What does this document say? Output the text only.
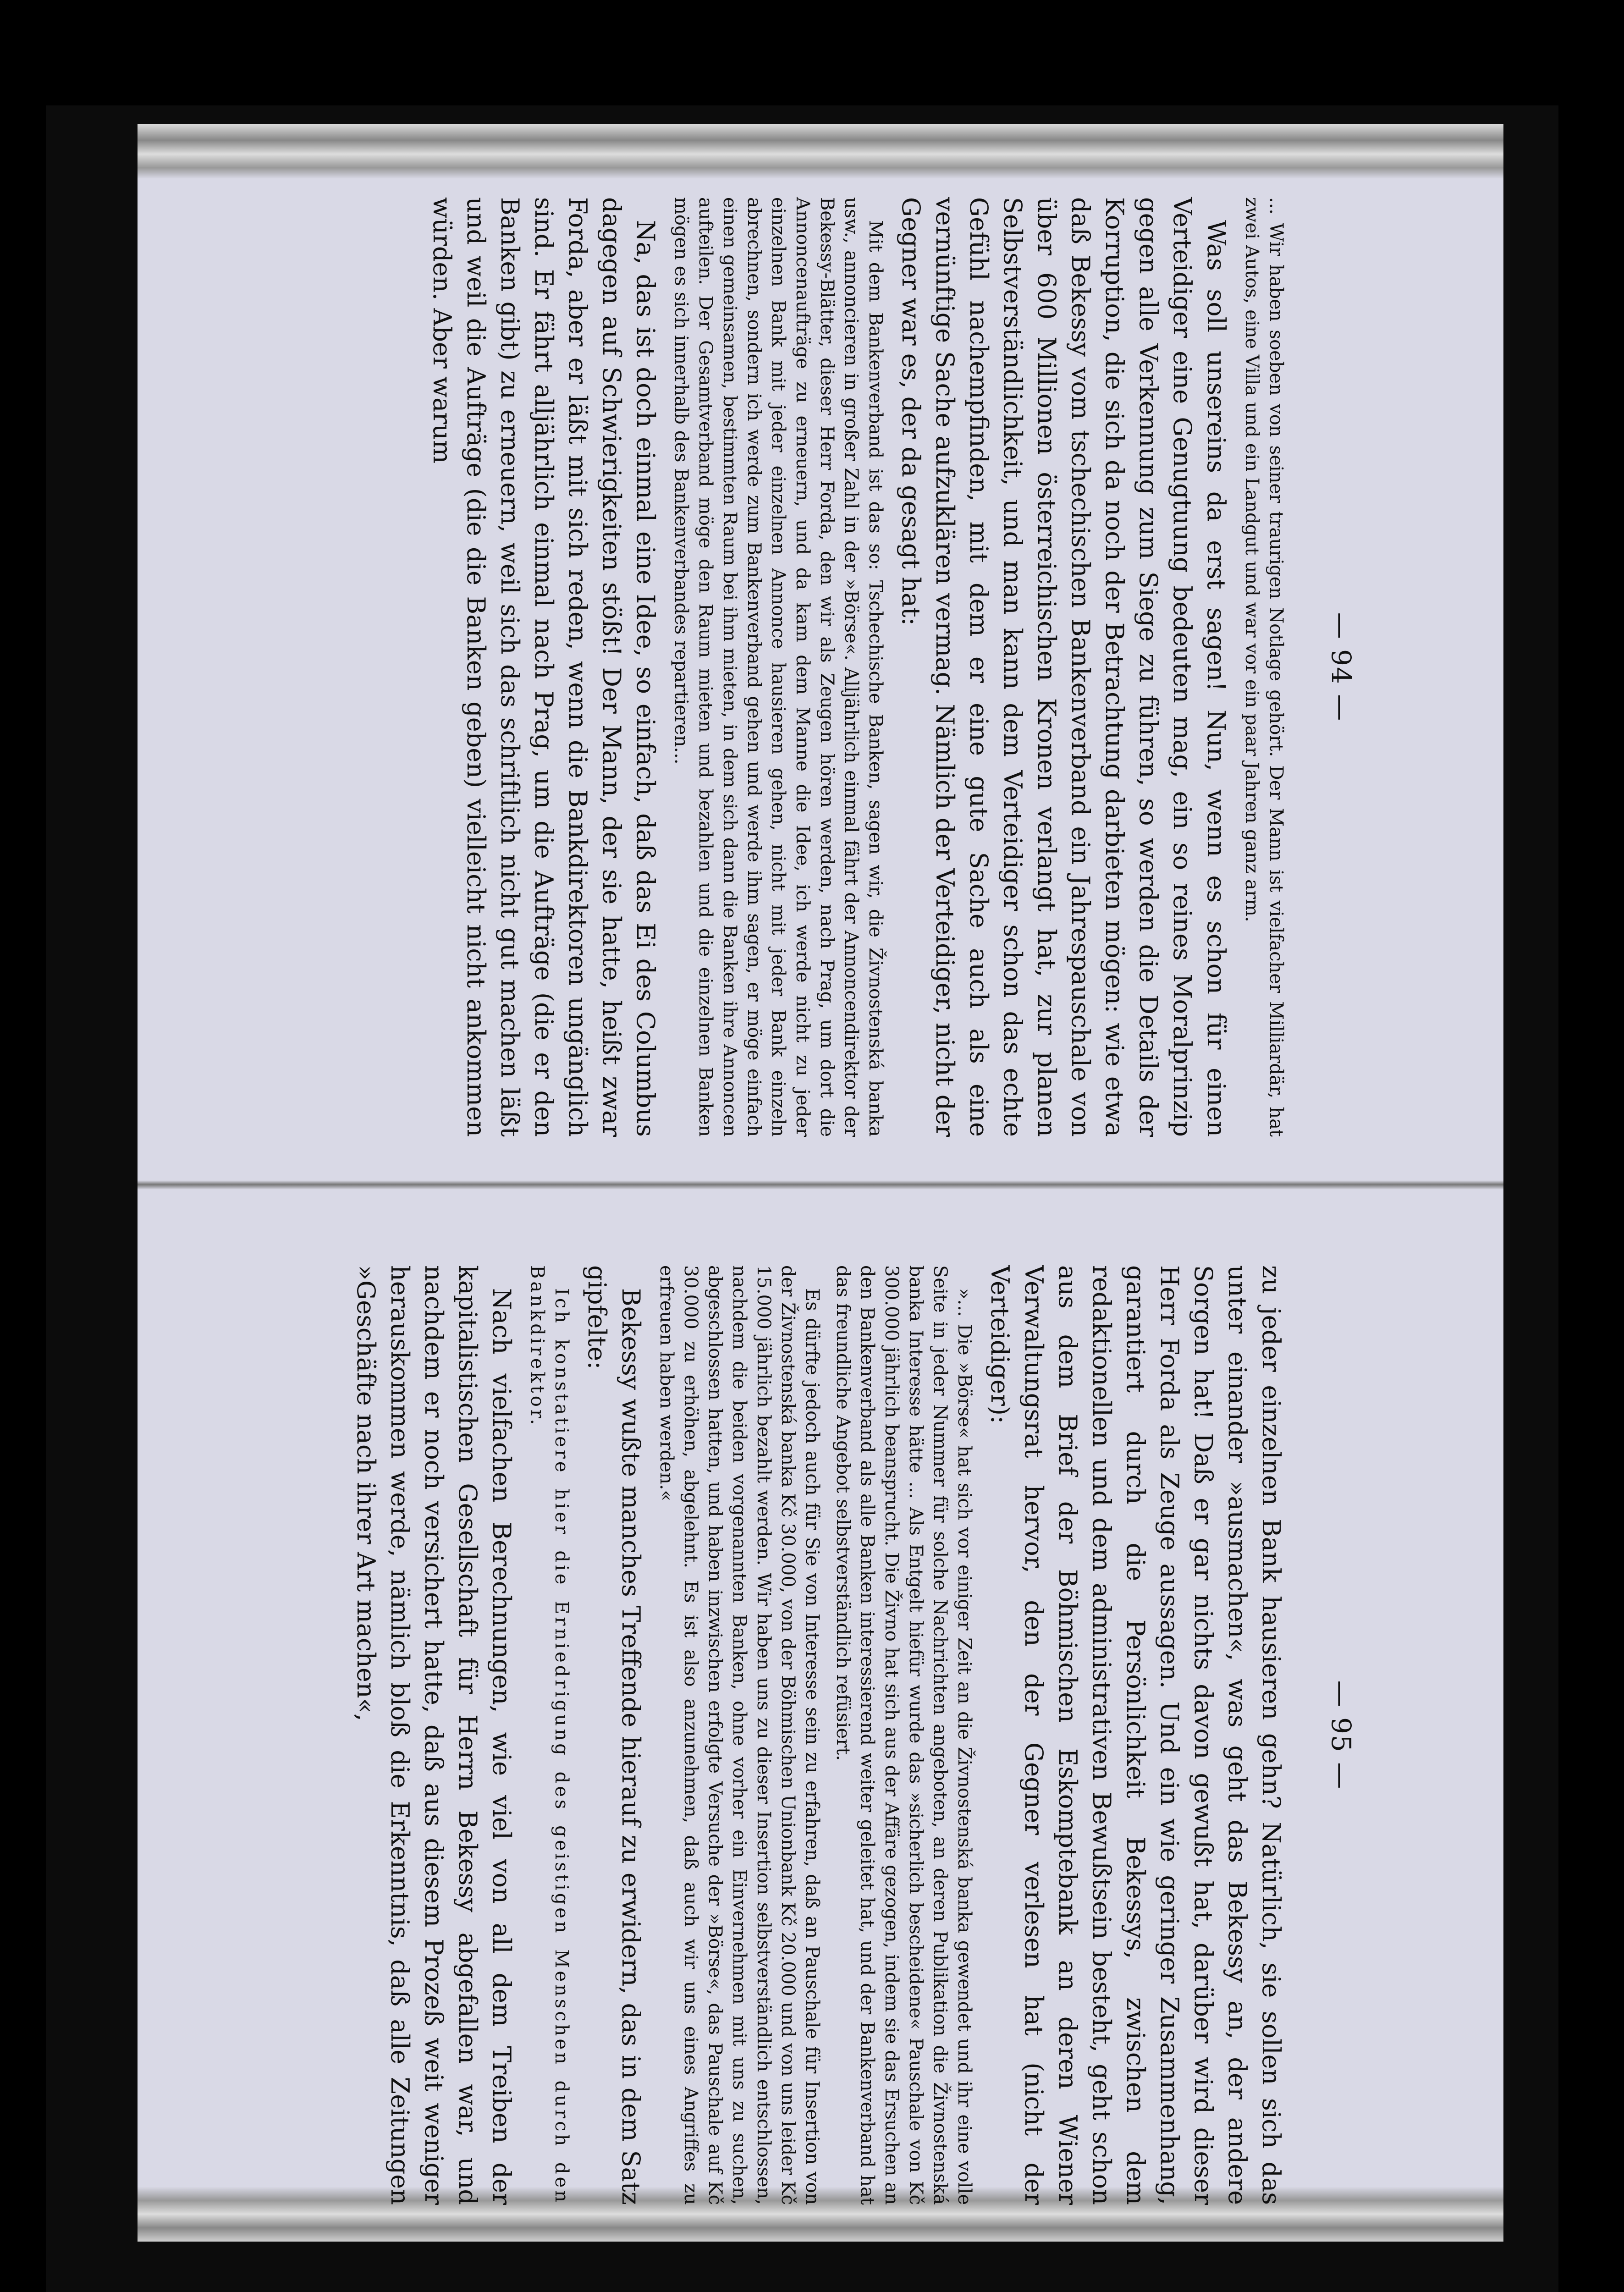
— 94 —

... Wir haben soeben von seiner traurigen Notlage gehört. Der Mann ist vielfacher Milliardär, hat zwei Autos, eine Villa und ein Landgut und war vor ein paar Jahren ganz arm.

Was soll unsereins da erst sagen! Nun, wenn es schon für einen Verteidiger eine Genugtuung bedeuten mag, ein so reines Moralprinzip gegen alle Verkennung zum Siege zu führen, so werden die Details der Korruption, die sich da noch der Betrachtung darbieten mögen: wie etwa daß Bekessy vom tschechischen Bankenverband ein Jahrespauschale von über 600 Millionen österreichischen Kronen verlangt hat, zur planen Selbstverständlichkeit, und man kann dem Verteidiger schon das echte Gefühl nachempfinden, mit dem er eine gute Sache auch als eine vernünftige Sache aufzuklären vermag. Nämlich der Verteidiger, nicht der Gegner war es, der da gesagt hat:

Mit dem Bankenverband ist das so: Tschechische Banken, sagen wir, die Živnostenská banka usw., annoncieren in großer Zahl in der »Börse«. Alljährlich einmal fährt der Annoncendirektor der Bekessy-Blätter, dieser Herr Forda, den wir als Zeugen hören werden, nach Prag, um dort die Annoncenaufträge zu erneuern, und da kam dem Manne die Idee, ich werde nicht zu jeder einzelnen Bank mit jeder einzelnen Annonce hausieren gehen, nicht mit jeder Bank einzeln abrechnen, sondern ich werde zum Bankenverband gehen und werde ihm sagen, er möge einfach einen gemeinsamen, bestimmten Raum bei ihm mieten, in dem sich dann die Banken ihre Annoncen aufteilen. Der Gesamtverband möge den Raum mieten und bezahlen und die einzelnen Banken mögen es sich innerhalb des Bankenverbandes repartieren...

Na, das ist doch einmal eine Idee, so einfach, daß das Ei des Columbus dagegen auf Schwierigkeiten stößt! Der Mann, der sie hatte, heißt zwar Forda, aber er läßt mit sich reden, wenn die Bankdirektoren ungänglich sind. Er fährt alljährlich einmal nach Prag, um die Aufträge (die er den Banken gibt) zu erneuern, weil sich das schriftlich nicht gut machen läßt und weil die Aufträge (die die Banken geben) vielleicht nicht ankommen würden. Aber warum

— 95 —

zu jeder einzelnen Bank hausieren gehn? Natürlich, sie sollen sich das unter einander »ausmachen«, was geht das Bekessy an, der andere Sorgen hat! Daß er gar nichts davon gewußt hat, darüber wird dieser Herr Forda als Zeuge aussagen. Und ein wie geringer Zusammenhang, garantiert durch die Persönlichkeit Bekessys, zwischen dem redaktionellen und dem administrativen Bewußtsein besteht, geht schon aus dem Brief der Böhmischen Eskomptebank an deren Wiener Verwaltungsrat hervor, den der Gegner verlesen hat (nicht der Verteidiger):

»... Die »Börse« hat sich vor einiger Zeit an die Živnostenská banka gewendet und ihr eine volle Seite in jeder Nummer für solche Nachrichten angeboten, an deren Publikation die Živnostenská banka Interesse hätte ... Als Entgelt hiefür wurde das »sicherlich bescheidene« Pauschale von Kč 300.000 jährlich beansprucht. Die Živno hat sich aus der Affäre gezogen, indem sie das Ersuchen an den Bankenverband als alle Banken interessierend weiter geleitet hat, und der Bankenverband hat das freundliche Angebot selbstverständlich refüsiert.

Es dürfte jedoch auch für Sie von Interesse sein zu erfahren, daß an Pauschale für Insertion von der Živnostenská banka Kč 30.000, von der Böhmischen Unionbank Kč 20.000 und von uns leider Kč 15.000 jährlich bezahlt werden. Wir haben uns zu dieser Insertion selbstverständlich entschlossen, nachdem die beiden vorgenannten Banken, ohne vorher ein Einvernehmen mit uns zu suchen, abgeschlossen hatten, und haben inzwischen erfolgte Versuche der »Börse«, das Pauschale auf Kč 30.000 zu erhöhen, abgelehnt. Es ist also anzunehmen, daß auch wir uns eines Angriffes zu erfreuen haben werden.«

Bekessy wußte manches Treffende hierauf zu erwidern, das in dem Satz gipfelte:

Ich konstatiere hier die Erniedrigung des geistigen Menschen durch den Bankdirektor.

Nach vielfachen Berechnungen, wie viel von all dem Treiben der kapitalistischen Gesellschaft für Herrn Bekessy abgefallen war, und nachdem er noch versichert hatte, daß aus diesem Prozeß weit weniger herauskommen werde, nämlich bloß die Erkenntnis, daß alle Zeitungen »Geschäfte nach ihrer Art machen«,
